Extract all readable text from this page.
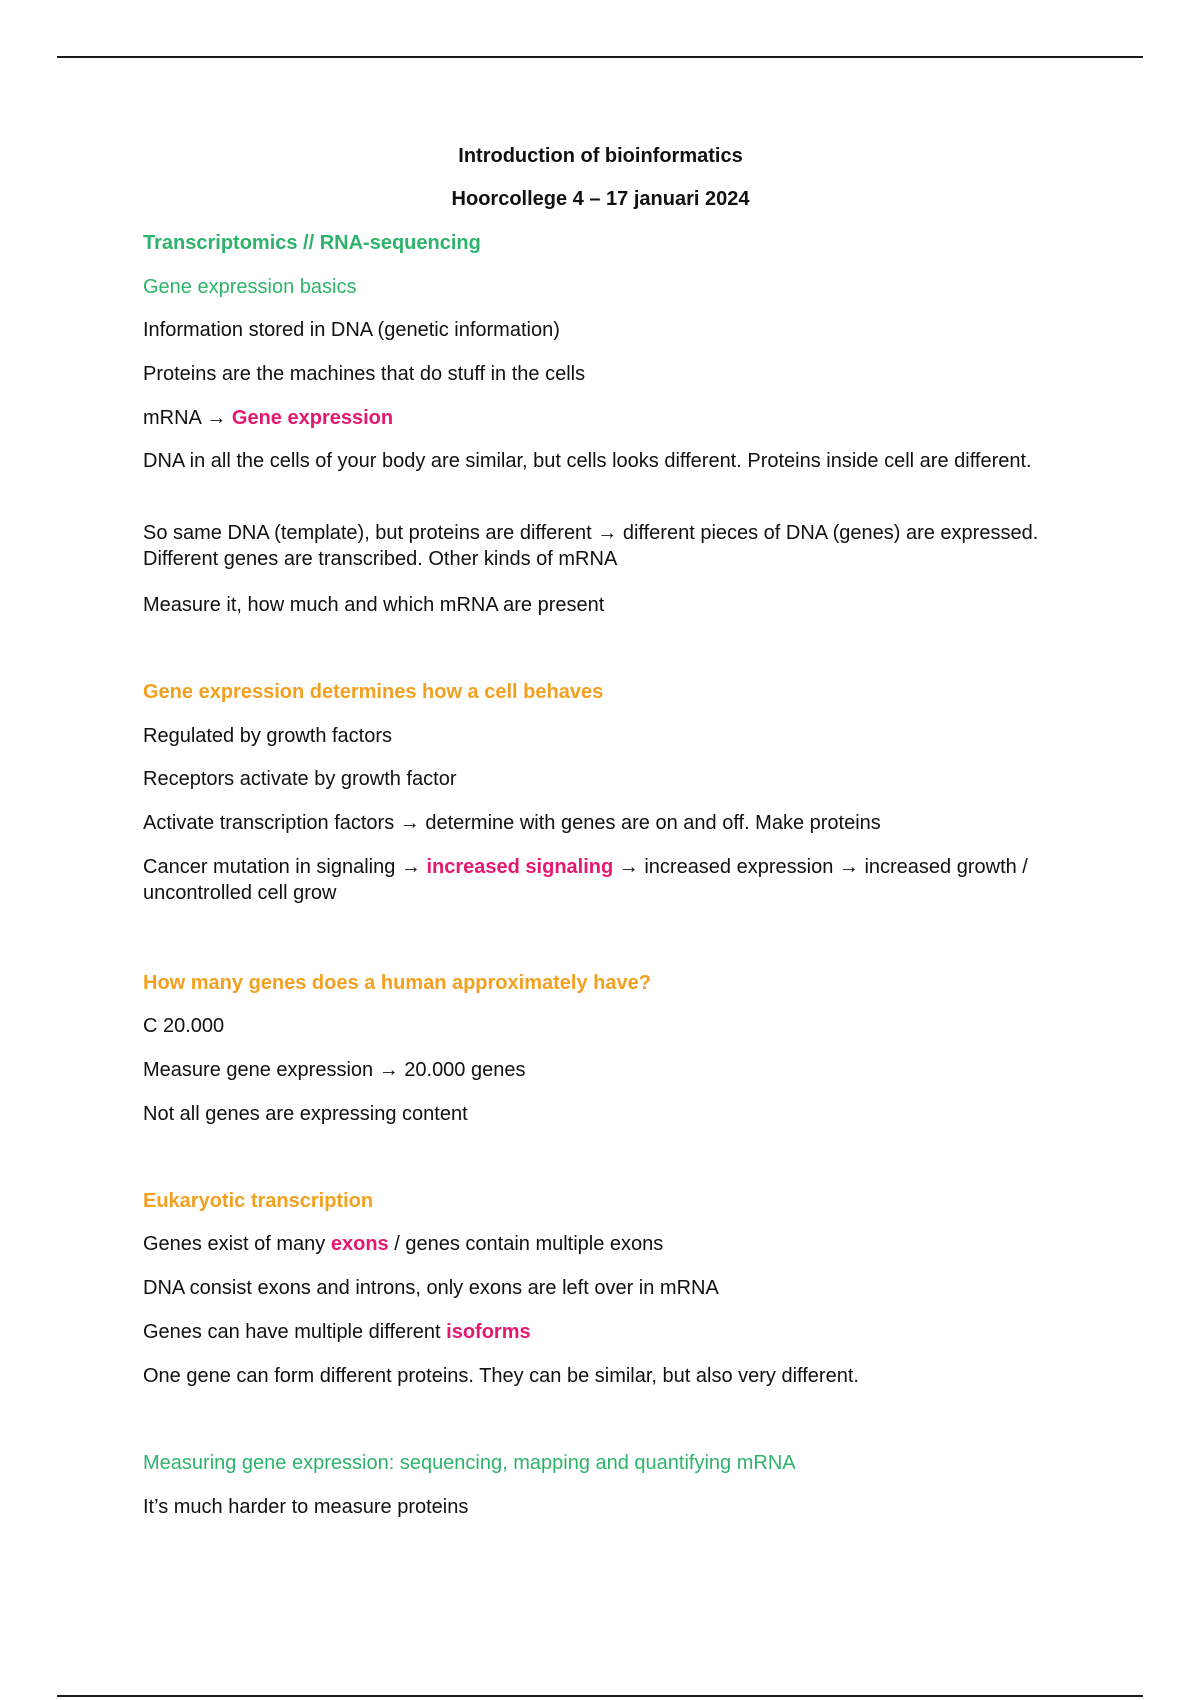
Introduction of bioinformatics
Hoorcollege 4 – 17 januari 2024
Transcriptomics // RNA-sequencing
Gene expression basics
Information stored in DNA (genetic information)
Proteins are the machines that do stuff in the cells
mRNA → Gene expression
DNA in all the cells of your body are similar, but cells looks different. Proteins inside cell are different.
So same DNA (template), but proteins are different → different pieces of DNA (genes) are expressed. Different genes are transcribed. Other kinds of mRNA
Measure it, how much and which mRNA are present
Gene expression determines how a cell behaves
Regulated by growth factors
Receptors activate by growth factor
Activate transcription factors → determine with genes are on and off. Make proteins
Cancer mutation in signaling → increased signaling → increased expression → increased growth / uncontrolled cell grow
How many genes does a human approximately have?
C 20.000
Measure gene expression → 20.000 genes
Not all genes are expressing content
Eukaryotic transcription
Genes exist of many exons / genes contain multiple exons
DNA consist exons and introns, only exons are left over in mRNA
Genes can have multiple different isoforms
One gene can form different proteins. They can be similar, but also very different.
Measuring gene expression: sequencing, mapping and quantifying mRNA
It’s much harder to measure proteins
